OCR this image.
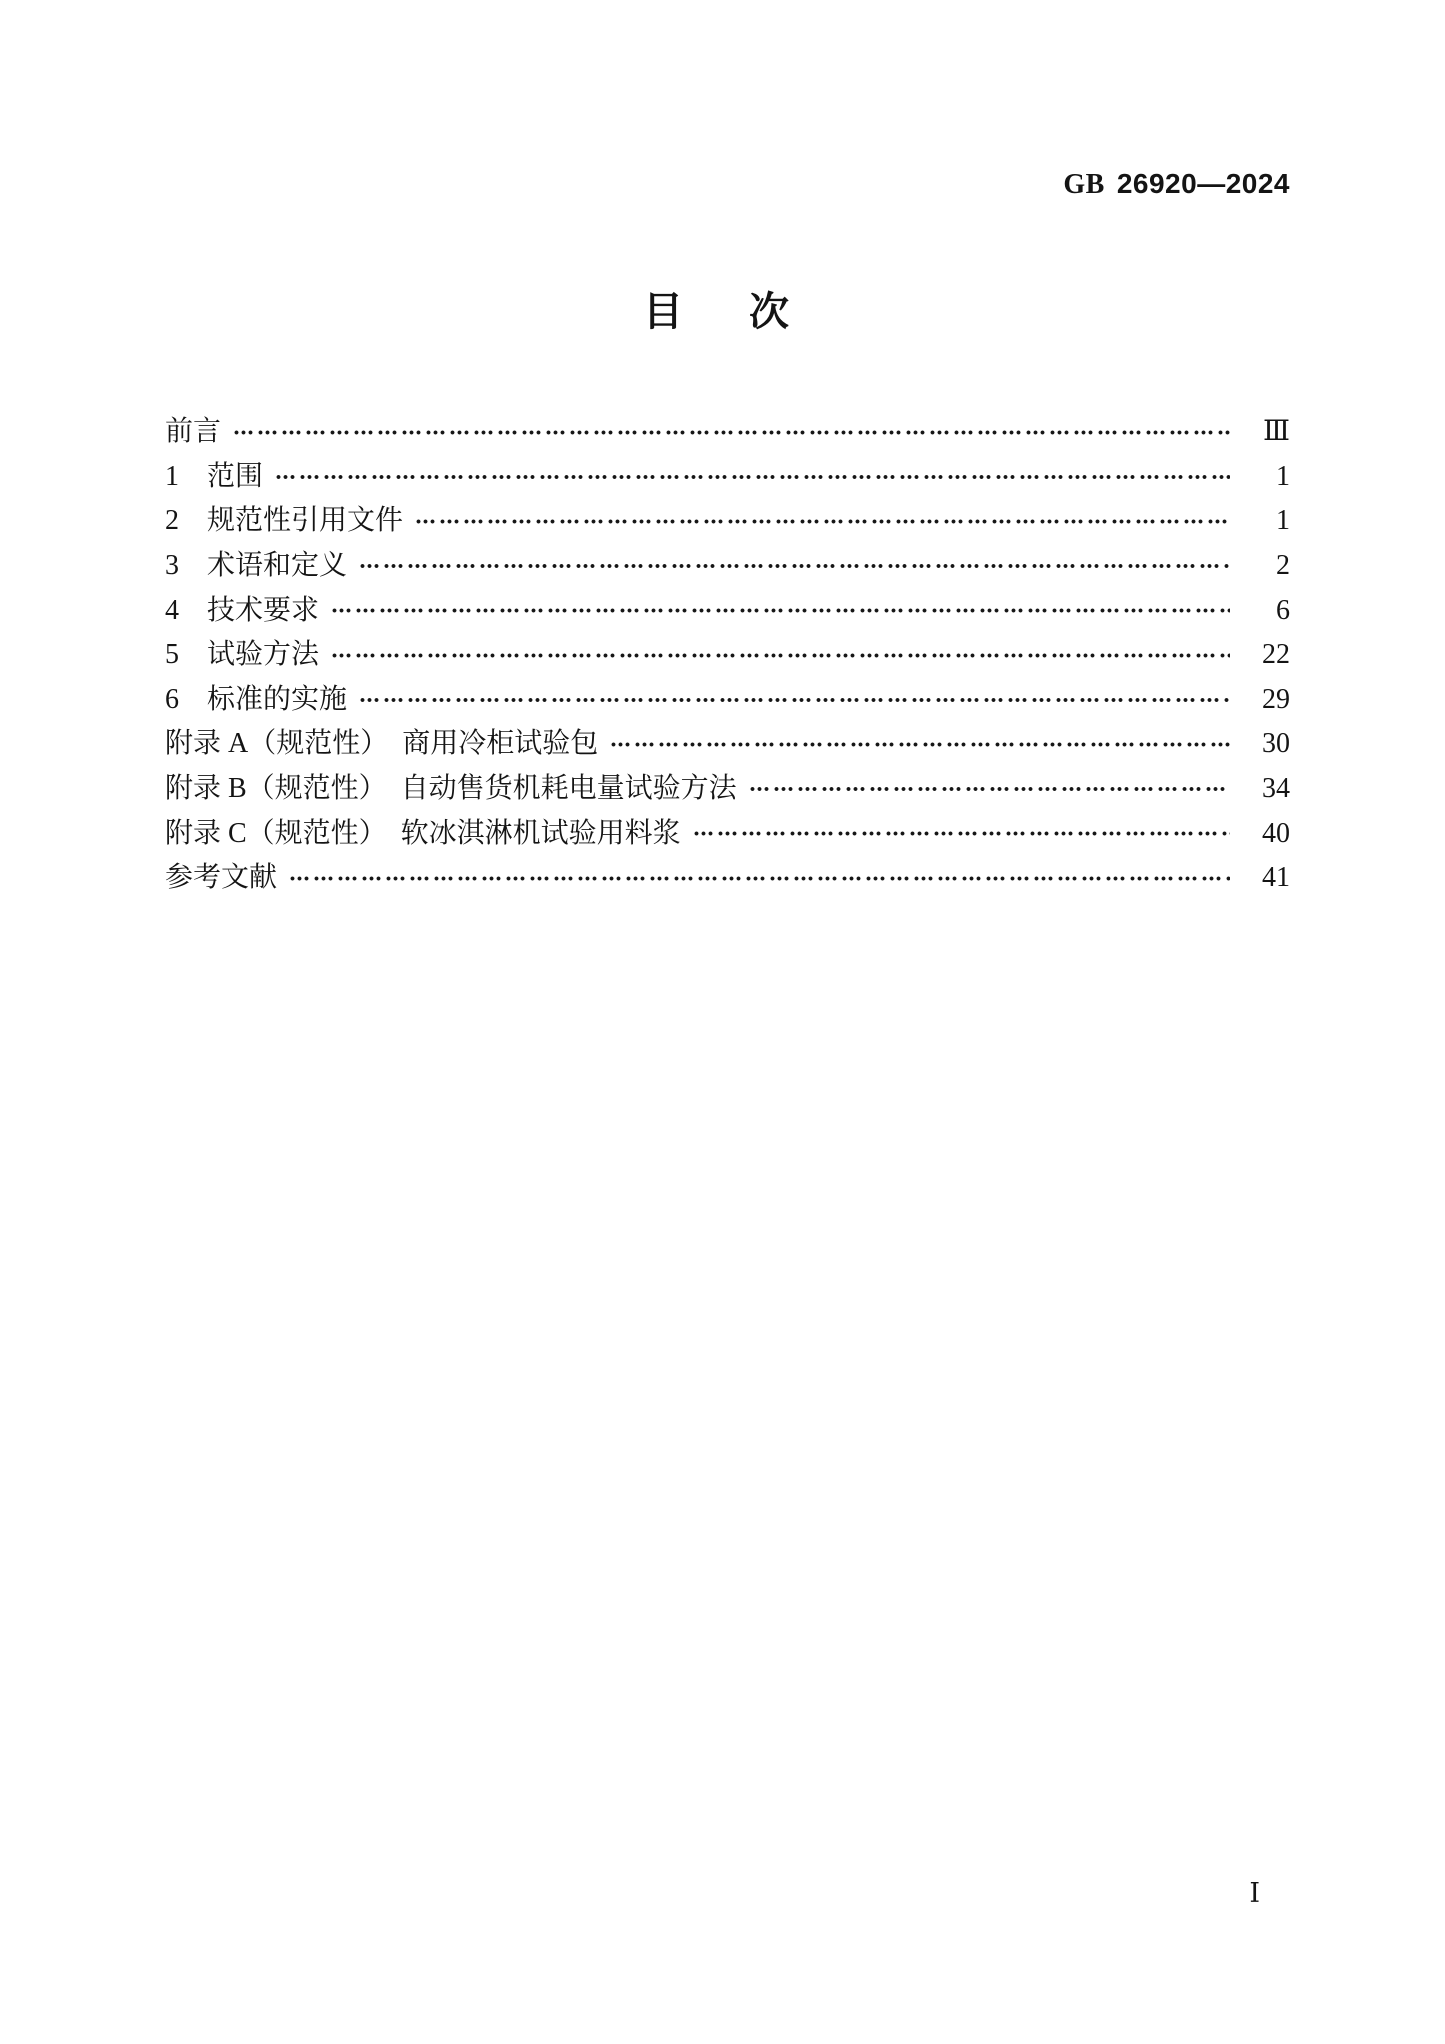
GB 26920—2024
目　次
前言	Ⅲ
1　范围	1
2　规范性引用文件	1
3　术语和定义	2
4　技术要求	6
5　试验方法	22
6　标准的实施	29
附录 A（规范性）　商用冷柜试验包	30
附录 B（规范性）　自动售货机耗电量试验方法	34
附录 C（规范性）　软冰淇淋机试验用料浆	40
参考文献	41
Ⅰ
